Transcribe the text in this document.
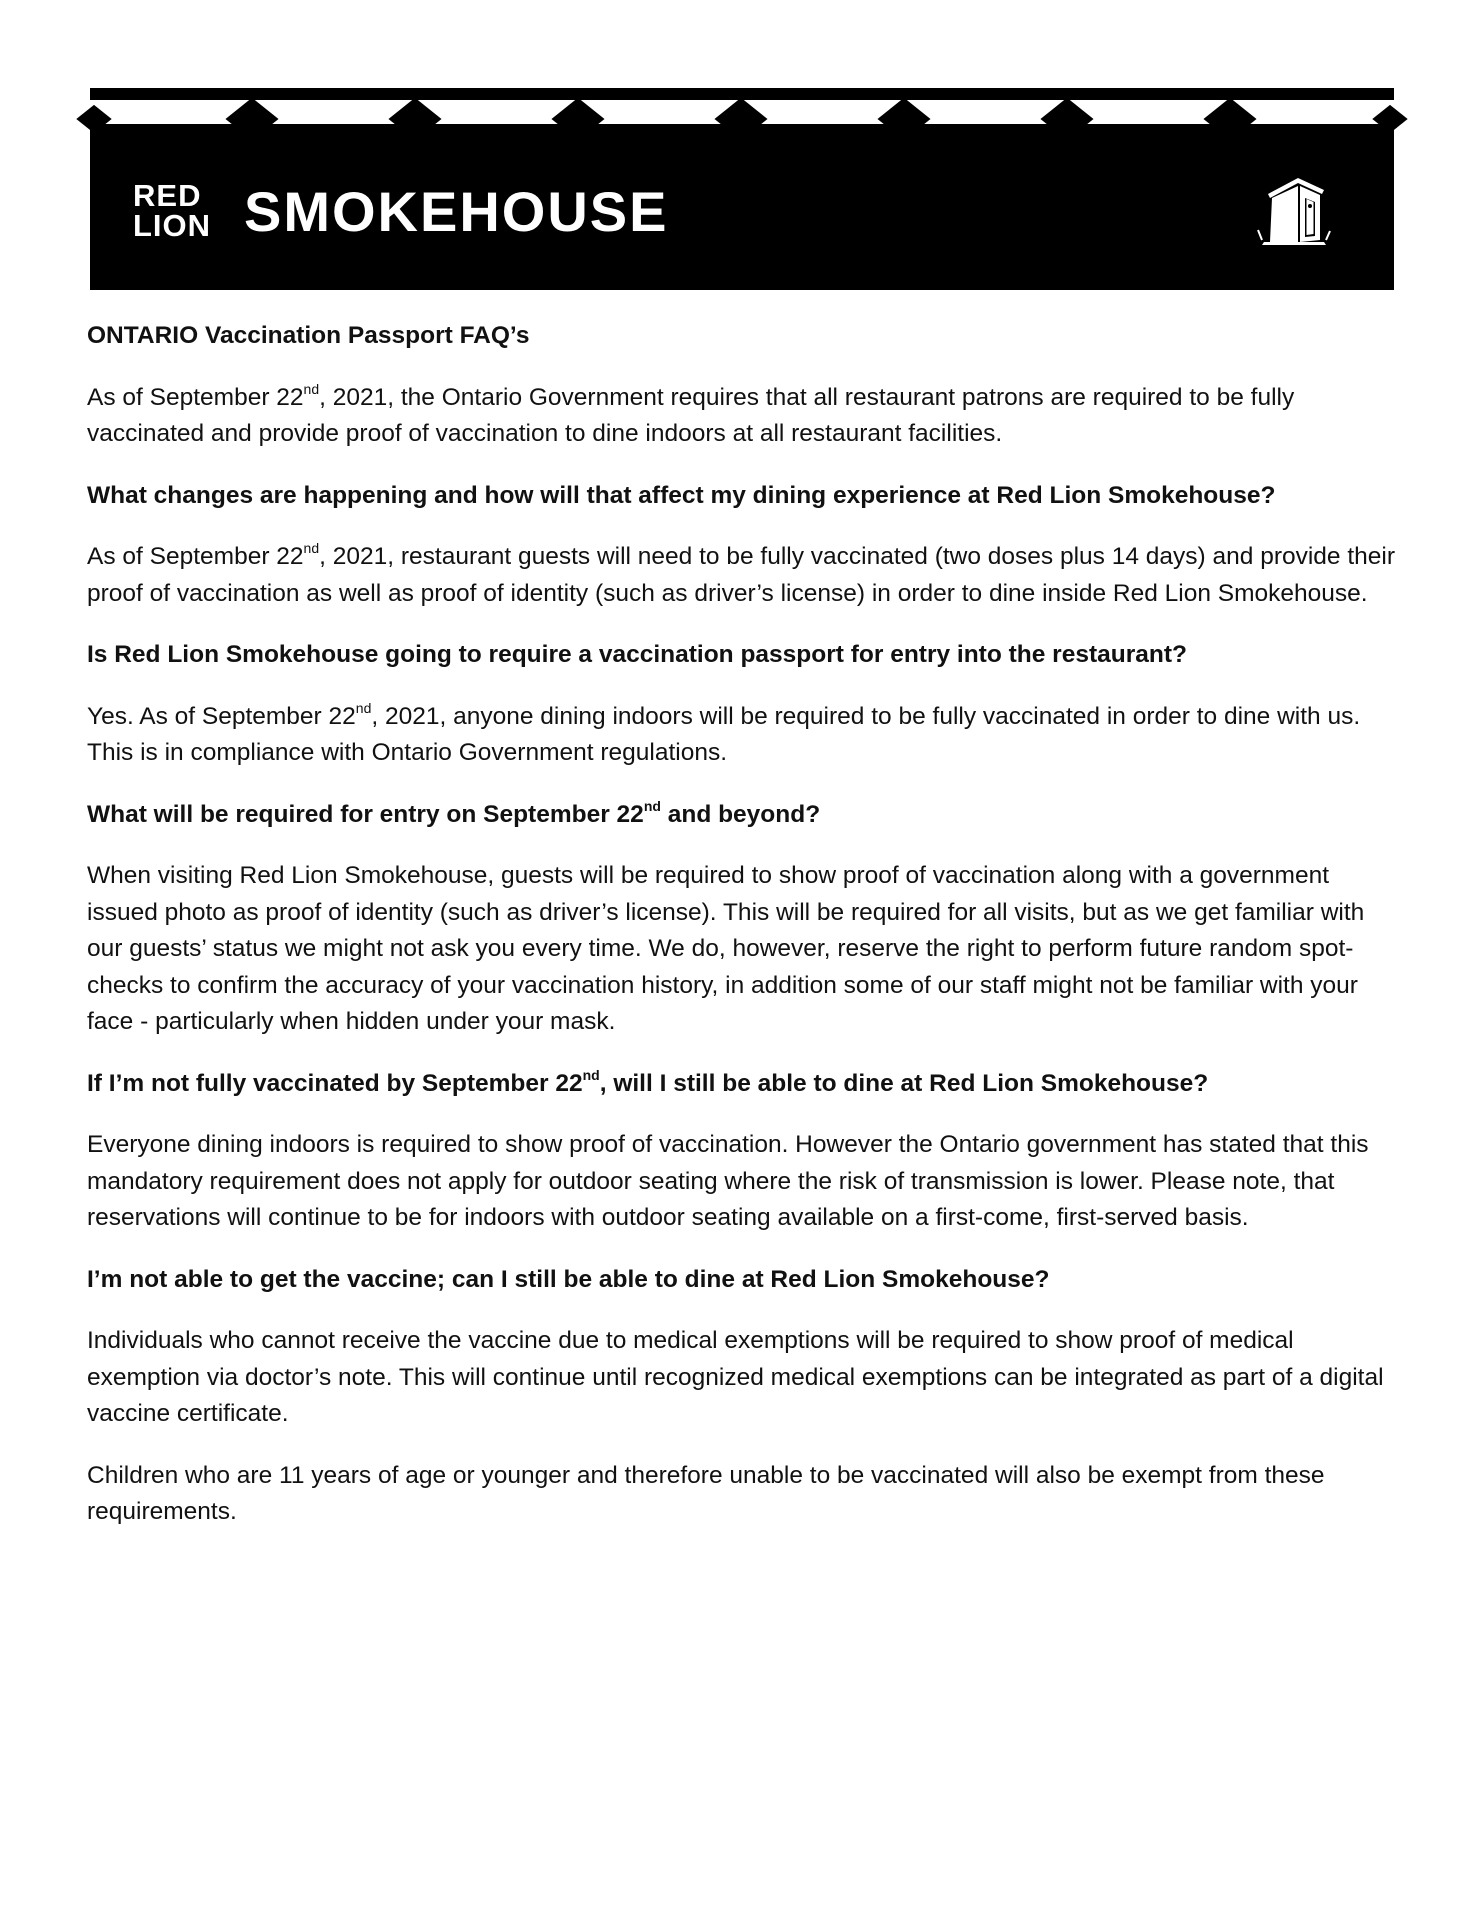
RED
LION SMOKEHOUSE

ONTARIO Vaccination Passport FAQ’s

As of September 22nd, 2021, the Ontario Government requires that all restaurant patrons are required to be fully vaccinated and provide proof of vaccination to dine indoors at all restaurant facilities.

What changes are happening and how will that affect my dining experience at Red Lion Smokehouse?

As of September 22nd, 2021, restaurant guests will need to be fully vaccinated (two doses plus 14 days) and provide their proof of vaccination as well as proof of identity (such as driver’s license) in order to dine inside Red Lion Smokehouse.

Is Red Lion Smokehouse going to require a vaccination passport for entry into the restaurant?

Yes. As of September 22nd, 2021, anyone dining indoors will be required to be fully vaccinated in order to dine with us. This is in compliance with Ontario Government regulations.

What will be required for entry on September 22nd and beyond?

When visiting Red Lion Smokehouse, guests will be required to show proof of vaccination along with a government issued photo as proof of identity (such as driver’s license). This will be required for all visits, but as we get familiar with our guests’ status we might not ask you every time. We do, however, reserve the right to perform future random spot-checks to confirm the accuracy of your vaccination history, in addition some of our staff might not be familiar with your face - particularly when hidden under your mask.

If I’m not fully vaccinated by September 22nd, will I still be able to dine at Red Lion Smokehouse?

Everyone dining indoors is required to show proof of vaccination. However the Ontario government has stated that this mandatory requirement does not apply for outdoor seating where the risk of transmission is lower. Please note, that reservations will continue to be for indoors with outdoor seating available on a first-come, first-served basis.

I’m not able to get the vaccine; can I still be able to dine at Red Lion Smokehouse?

Individuals who cannot receive the vaccine due to medical exemptions will be required to show proof of medical exemption via doctor’s note. This will continue until recognized medical exemptions can be integrated as part of a digital vaccine certificate.

Children who are 11 years of age or younger and therefore unable to be vaccinated will also be exempt from these requirements.
